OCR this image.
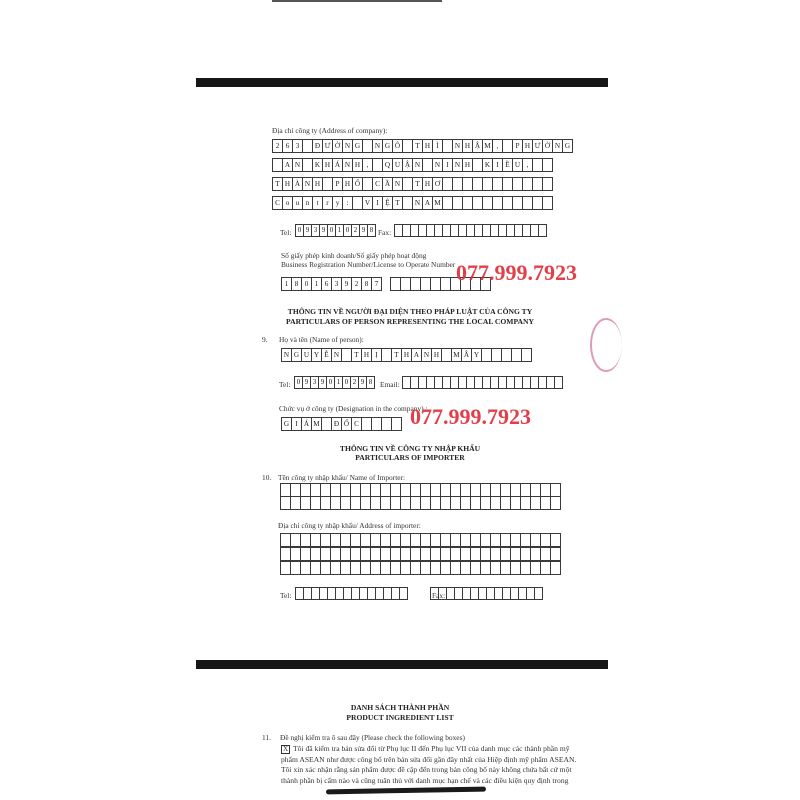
Địa chỉ công ty (Address of company):
2 6 3	Đ Ư Ờ N G	N G Ô	T H Ì	N H Ậ M ,	P H Ư Ờ N G
A N	K H Á N H ,	Q U Ậ N	N I N H	K I Ề U ,
T H À N H	P H Ố	C Ầ N	T H Ơ
C o u n	t	r y	:	V I Ệ T	N A M
Tel: 0 9 3 9 0 1 0 2 9 8 Fax:
Số giấy phép kinh doanh/Số giấy phép hoạt động
Business Registration Number/License to Operate Number
1 8 0 1 6 3 9 2 8 7
THÔNG TIN VỀ NGƯỜI ĐẠI DIỆN THEO PHÁP LUẬT CỦA CÔNG TY
PARTICULARS OF PERSON REPRESENTING THE LOCAL COMPANY
9. Họ và tên (Name of person):
N G U Y Ễ N	T H Ị	T H A N H	M Â Y
Tel: 0 9 3 9 0 1 0 2 9 8	Email:
Chức vụ ở công ty (Designation in the company) :
G I Á M	Đ Ố C
THÔNG TIN VỀ CÔNG TY NHẬP KHẨU
PARTICULARS OF IMPORTER
10. Tên công ty nhập khẩu/ Name of Importer:
Địa chỉ công ty nhập khẩu/ Address of importer:
Tel:	Fax:
077.999.7923
077.999.7923
DANH SÁCH THÀNH PHẦN
PRODUCT INGREDIENT LIST
11. Đề nghị kiểm tra ô sau đây (Please check the following boxes)
X Tôi đã kiểm tra bản sửa đổi từ Phụ lục II đến Phụ lục VII của danh mục các thành phần mỹ phẩm ASEAN như được công bố trên bản sửa đổi gần đây nhất của Hiệp định mỹ phẩm ASEAN. Tôi xin xác nhận rằng sản phẩm được đề cập đến trong bản công bố này không chứa bất cứ một thành phần bị cấm nào và cũng tuân thủ với danh mục hạn chế và các điều kiện quy định trong
